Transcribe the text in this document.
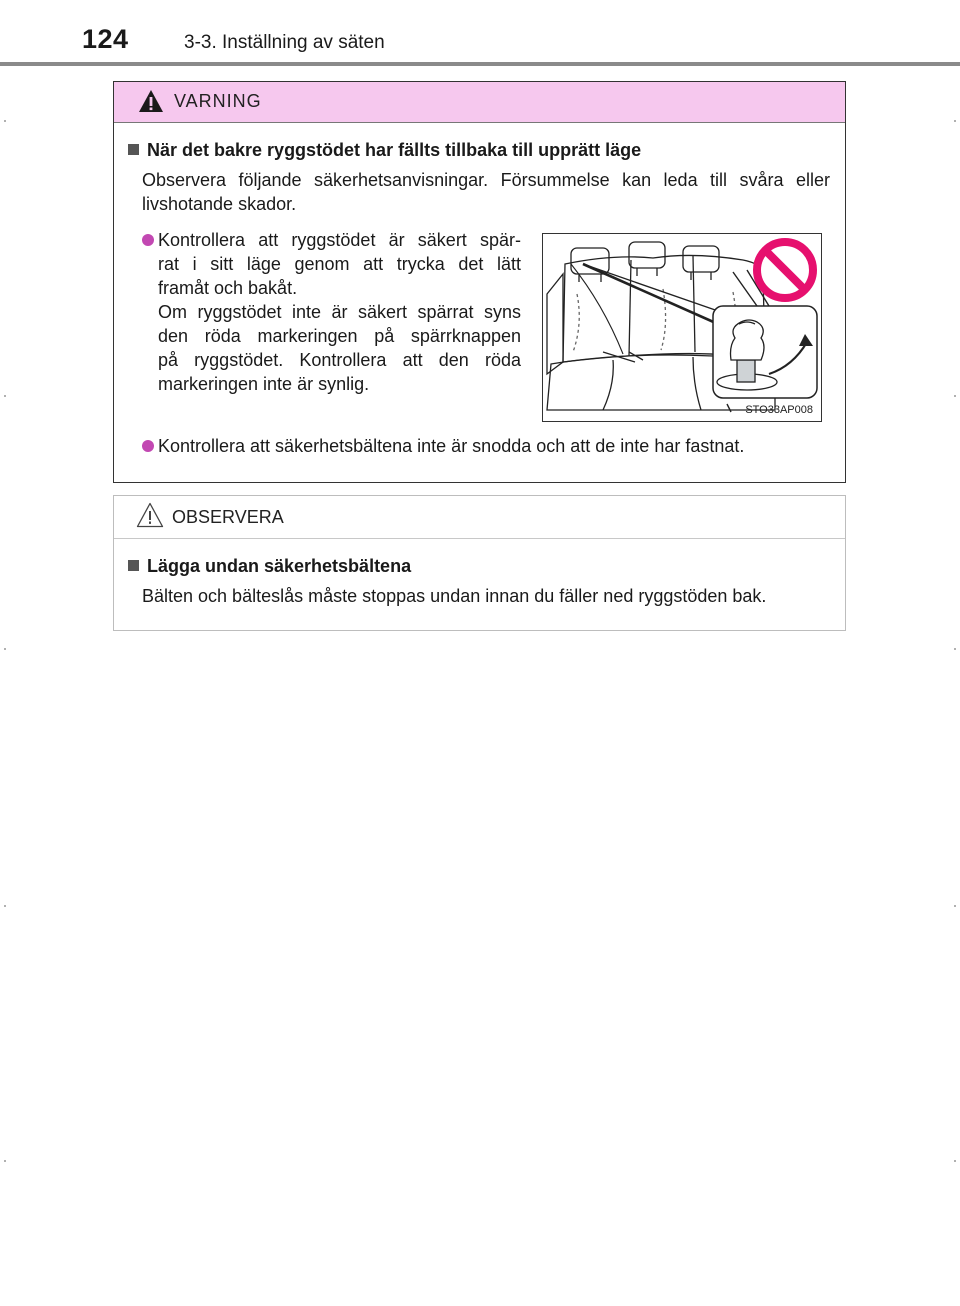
124	3-3. Inställning av säten
VARNING
När det bakre ryggstödet har fällts tillbaka till upprätt läge
Observera följande säkerhetsanvisningar. Försummelse kan leda till svåra eller livshotande skador.
Kontrollera att ryggstödet är säkert spär-
rat i sitt läge genom att trycka det lätt
framåt och bakåt.
Om ryggstödet inte är säkert spärrat syns
den röda markeringen på spärrknappen
på ryggstödet. Kontrollera att den röda
markeringen inte är synlig.
STO33AP008
Kontrollera att säkerhetsbältena inte är snodda och att de inte har fastnat.
OBSERVERA
Lägga undan säkerhetsbältena
Bälten och bälteslås måste stoppas undan innan du fäller ned ryggstöden bak.
